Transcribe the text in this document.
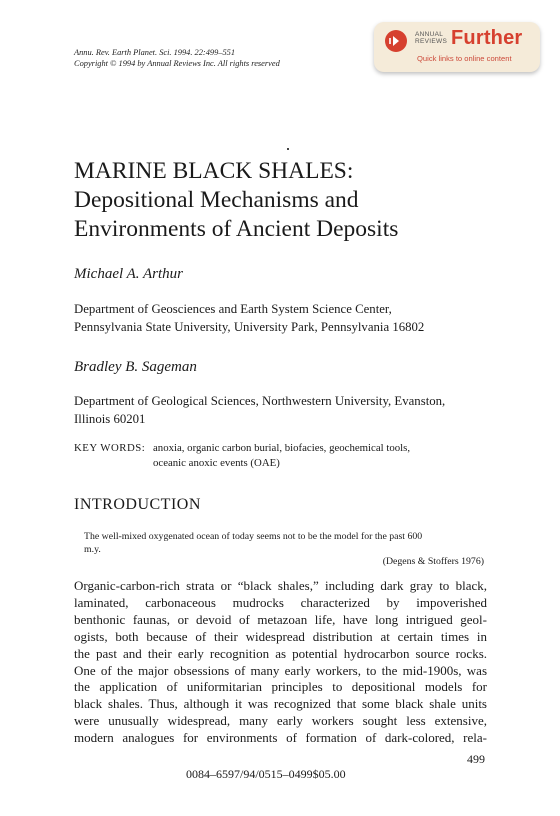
Annu. Rev. Earth Planet. Sci. 1994. 22:499–551
Copyright © 1994 by Annual Reviews Inc. All rights reserved
ANNUAL
REVIEWS Further
Quick links to online content
MARINE BLACK SHALES:
Depositional Mechanisms and
Environments of Ancient Deposits
Michael A. Arthur
Department of Geosciences and Earth System Science Center,
Pennsylvania State University, University Park, Pennsylvania 16802
Bradley B. Sageman
Department of Geological Sciences, Northwestern University, Evanston,
Illinois 60201
KEY WORDS: anoxia, organic carbon burial, biofacies, geochemical tools,
oceanic anoxic events (OAE)
INTRODUCTION
The well-mixed oxygenated ocean of today seems not to be the model for the past 600
m.y.
(Degens & Stoffers 1976)
Organic-carbon-rich strata or “black shales,” including dark gray to black,
laminated, carbonaceous mudrocks characterized by impoverished
benthonic faunas, or devoid of metazoan life, have long intrigued geol-
ogists, both because of their widespread distribution at certain times in
the past and their early recognition as potential hydrocarbon source rocks.
One of the major obsessions of many early workers, to the mid-1900s, was
the application of uniformitarian principles to depositional models for
black shales. Thus, although it was recognized that some black shale units
were unusually widespread, many early workers sought less extensive,
modern analogues for environments of formation of dark-colored, rela-
499
0084–6597/94/0515–0499$05.00
